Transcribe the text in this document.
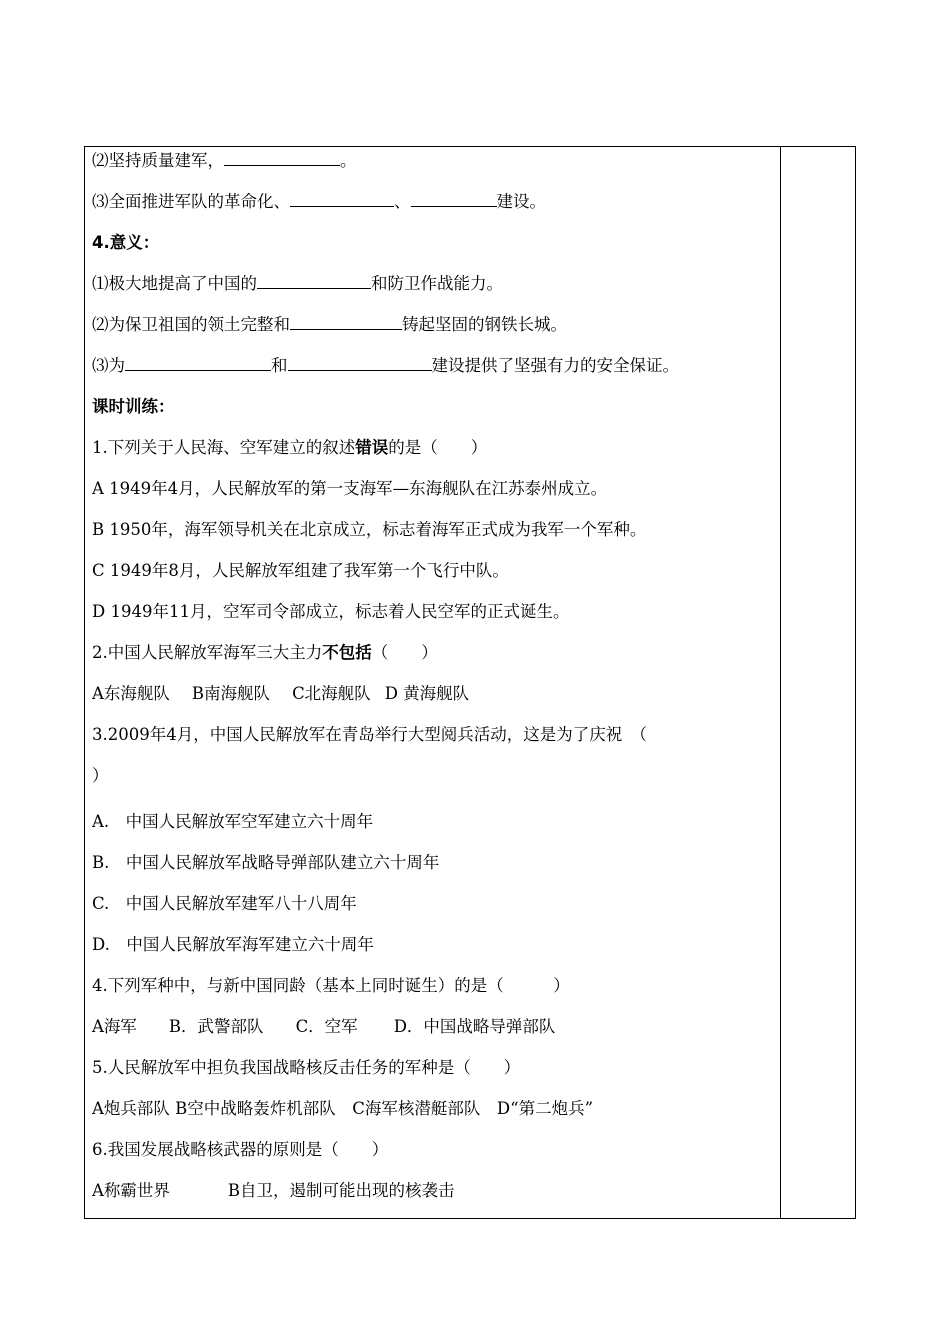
⑵坚持质量建军，	。
⑶全面推进军队的革命化、	、	建设。
4.意义：
⑴极大地提高了中国的	和防卫作战能力。
⑵为保卫祖国的领土完整和	铸起坚固的钢铁长城。
⑶为	和	建设提供了坚强有力的安全保证。
课时训练：
1.下列关于人民海、空军建立的叙述错误的是（　　）
A 1949年4月，人民解放军的第一支海军—东海舰队在江苏泰州成立。
B 1950年，海军领导机关在北京成立，标志着海军正式成为我军一个军种。
C 1949年8月，人民解放军组建了我军第一个飞行中队。
D 1949年11月，空军司令部成立，标志着人民空军的正式诞生。
2.中国人民解放军海军三大主力不包括（　　）
A东海舰队 B南海舰队 C北海舰队 D 黄海舰队
3.2009年4月，中国人民解放军在青岛举行大型阅兵活动，这是为了庆祝　（
）
A.　中国人民解放军空军建立六十周年
B.　中国人民解放军战略导弹部队建立六十周年
C.　中国人民解放军建军八十八周年
D.　中国人民解放军海军建立六十周年
4.下列军种中，与新中国同龄（基本上同时诞生）的是（　　　）
A海军 B．武警部队 C．空军 D．中国战略导弹部队
5.人民解放军中担负我国战略核反击任务的军种是（　　）
A炮兵部队 B空中战略轰炸机部队　C海军核潜艇部队　D“第二炮兵”
6.我国发展战略核武器的原则是（　　）
A称霸世界	B自卫，遏制可能出现的核袭击
